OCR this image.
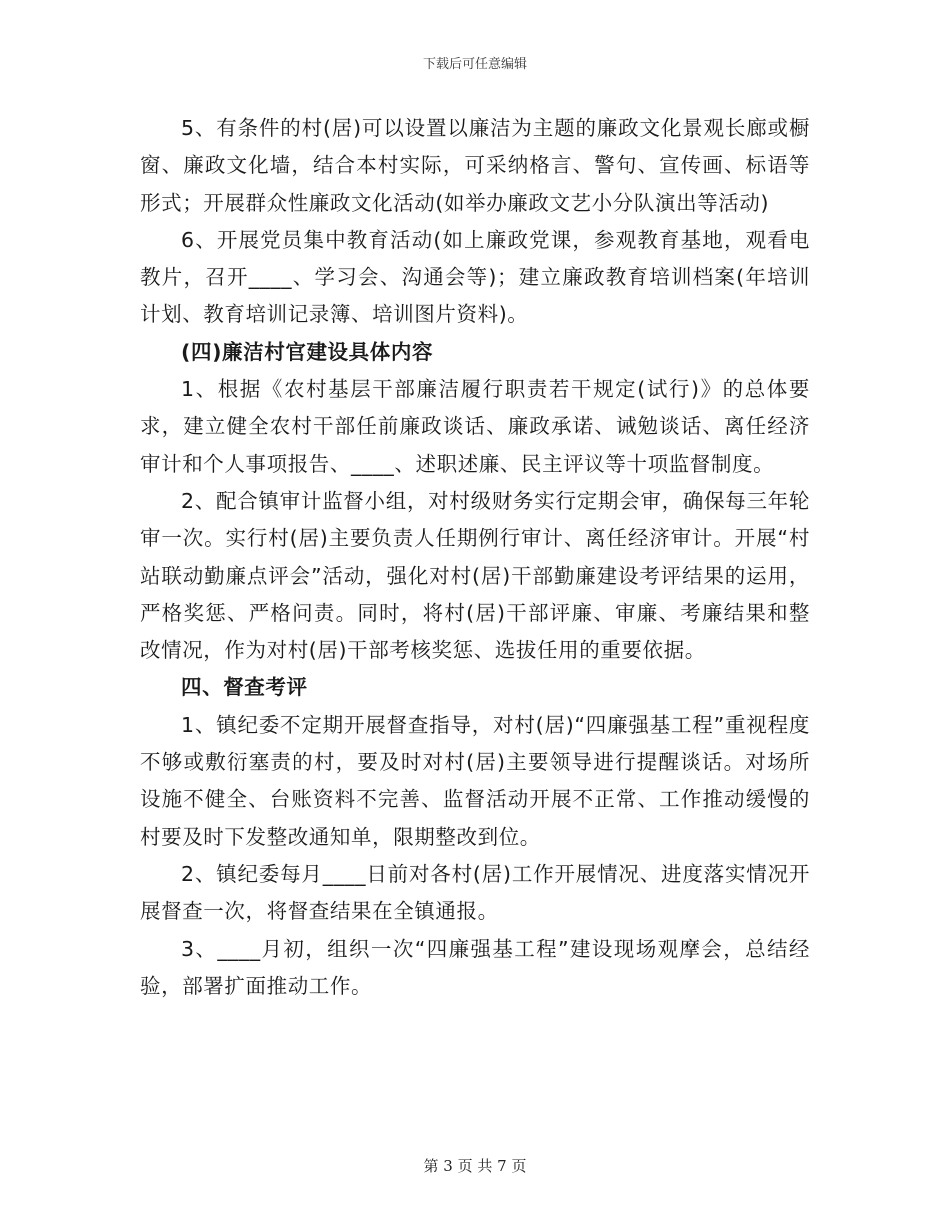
下载后可任意编辑

5、有条件的村(居)可以设置以廉洁为主题的廉政文化景观长廊或橱窗、廉政文化墙，结合本村实际，可采纳格言、警句、宣传画、标语等形式；开展群众性廉政文化活动(如举办廉政文艺小分队演出等活动)

6、开展党员集中教育活动(如上廉政党课，参观教育基地，观看电教片，召开____、学习会、沟通会等)；建立廉政教育培训档案(年培训计划、教育培训记录簿、培训图片资料)。

(四)廉洁村官建设具体内容

1、根据《农村基层干部廉洁履行职责若干规定(试行)》的总体要求，建立健全农村干部任前廉政谈话、廉政承诺、诫勉谈话、离任经济审计和个人事项报告、____、述职述廉、民主评议等十项监督制度。

2、配合镇审计监督小组，对村级财务实行定期会审，确保每三年轮审一次。实行村(居)主要负责人任期例行审计、离任经济审计。开展“村站联动勤廉点评会”活动，强化对村(居)干部勤廉建设考评结果的运用，严格奖惩、严格问责。同时，将村(居)干部评廉、审廉、考廉结果和整改情况，作为对村(居)干部考核奖惩、选拔任用的重要依据。

四、督查考评

1、镇纪委不定期开展督查指导，对村(居)“四廉强基工程”重视程度不够或敷衍塞责的村，要及时对村(居)主要领导进行提醒谈话。对场所设施不健全、台账资料不完善、监督活动开展不正常、工作推动缓慢的村要及时下发整改通知单，限期整改到位。

2、镇纪委每月____日前对各村(居)工作开展情况、进度落实情况开展督查一次，将督查结果在全镇通报。

3、____月初，组织一次“四廉强基工程”建设现场观摩会，总结经验，部署扩面推动工作。

第 3 页 共 7 页
